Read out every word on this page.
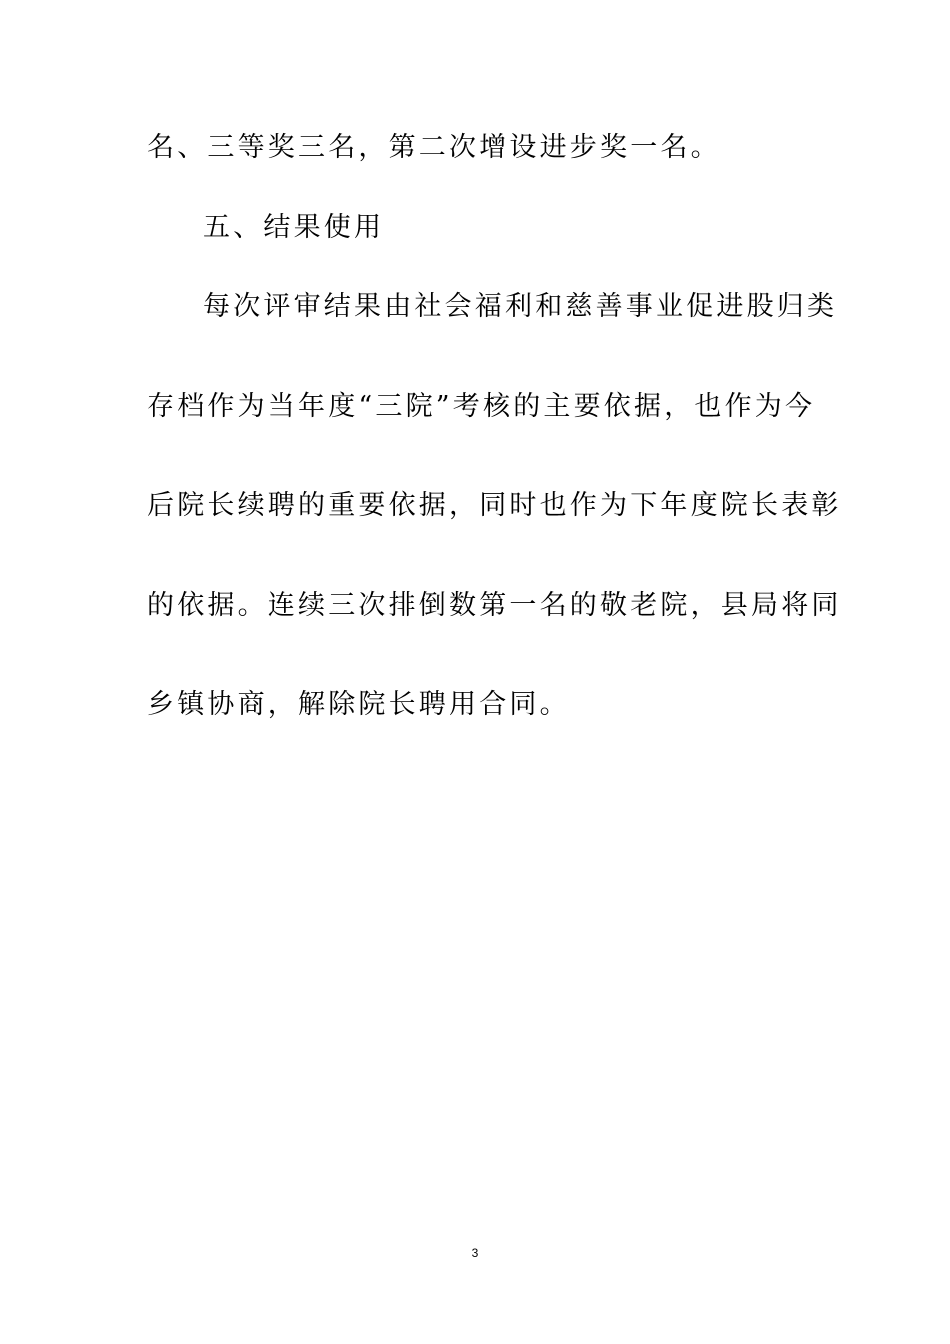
名、三等奖三名，第二次增设进步奖一名。
五、结果使用
每次评审结果由社会福利和慈善事业促进股归类
存档作为当年度“三院”考核的主要依据，也作为今
后院长续聘的重要依据，同时也作为下年度院长表彰
的依据。连续三次排倒数第一名的敬老院，县局将同
乡镇协商，解除院长聘用合同。
3
